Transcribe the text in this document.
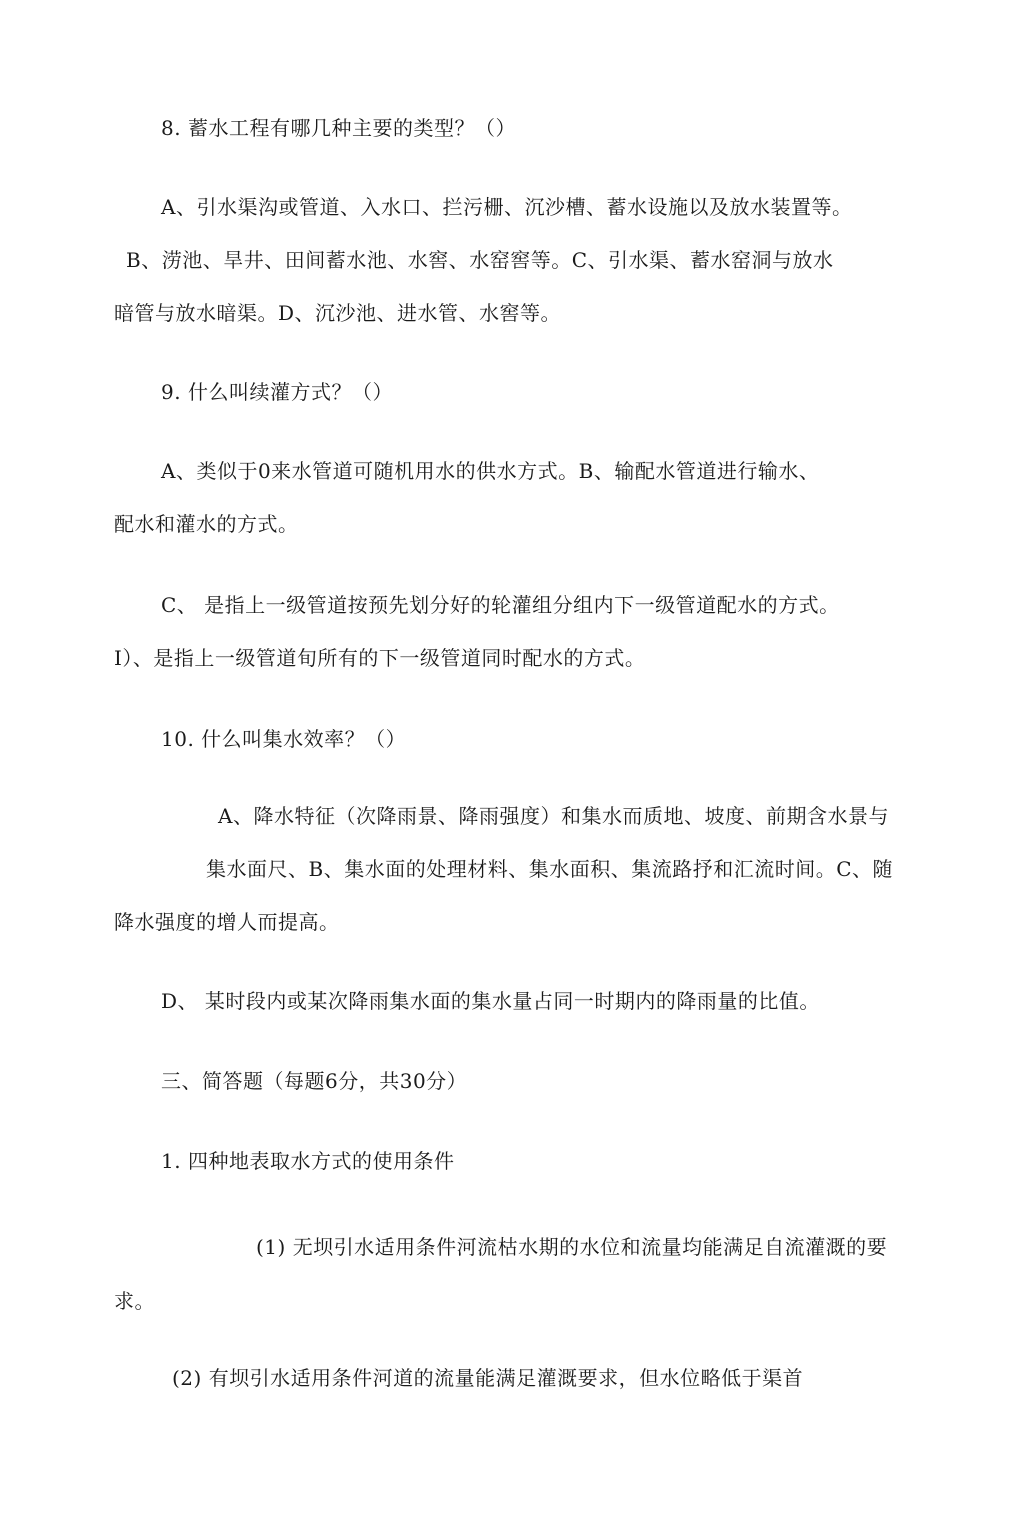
8. 蓄水工程有哪几种主要的类型？（）
A、引水渠沟或管道、入水口、拦污栅、沉沙槽、蓄水设施以及放水装置等。
B、涝池、旱井、田间蓄水池、水窖、水窑窖等。C、引水渠、蓄水窑洞与放水
暗管与放水暗渠。D、沉沙池、进水管、水窖等。
9. 什么叫续灌方式？（）
A、类似于0来水管道可随机用水的供水方式。B、输配水管道进行输水、
配水和灌水的方式。
C、 是指上一级管道按预先划分好的轮灌组分组内下一级管道配水的方式。
I）、是指上一级管道旬所有的下一级管道同时配水的方式。
10. 什么叫集水效率？（）
A、降水特征（次降雨景、降雨强度）和集水而质地、坡度、前期含水景与
集水面尺、B、集水面的处理材料、集水面积、集流路抒和汇流时间。C、随
降水强度的增人而提高。
D、 某时段内或某次降雨集水面的集水量占同一时期内的降雨量的比值。
三、简答题（每题6分，共30分）
1. 四种地表取水方式的使用条件
(1) 无坝引水适用条件河流枯水期的水位和流量均能满足自流灌溉的要
求。
(2) 有坝引水适用条件河道的流量能满足灌溉要求，但水位略低于渠首
